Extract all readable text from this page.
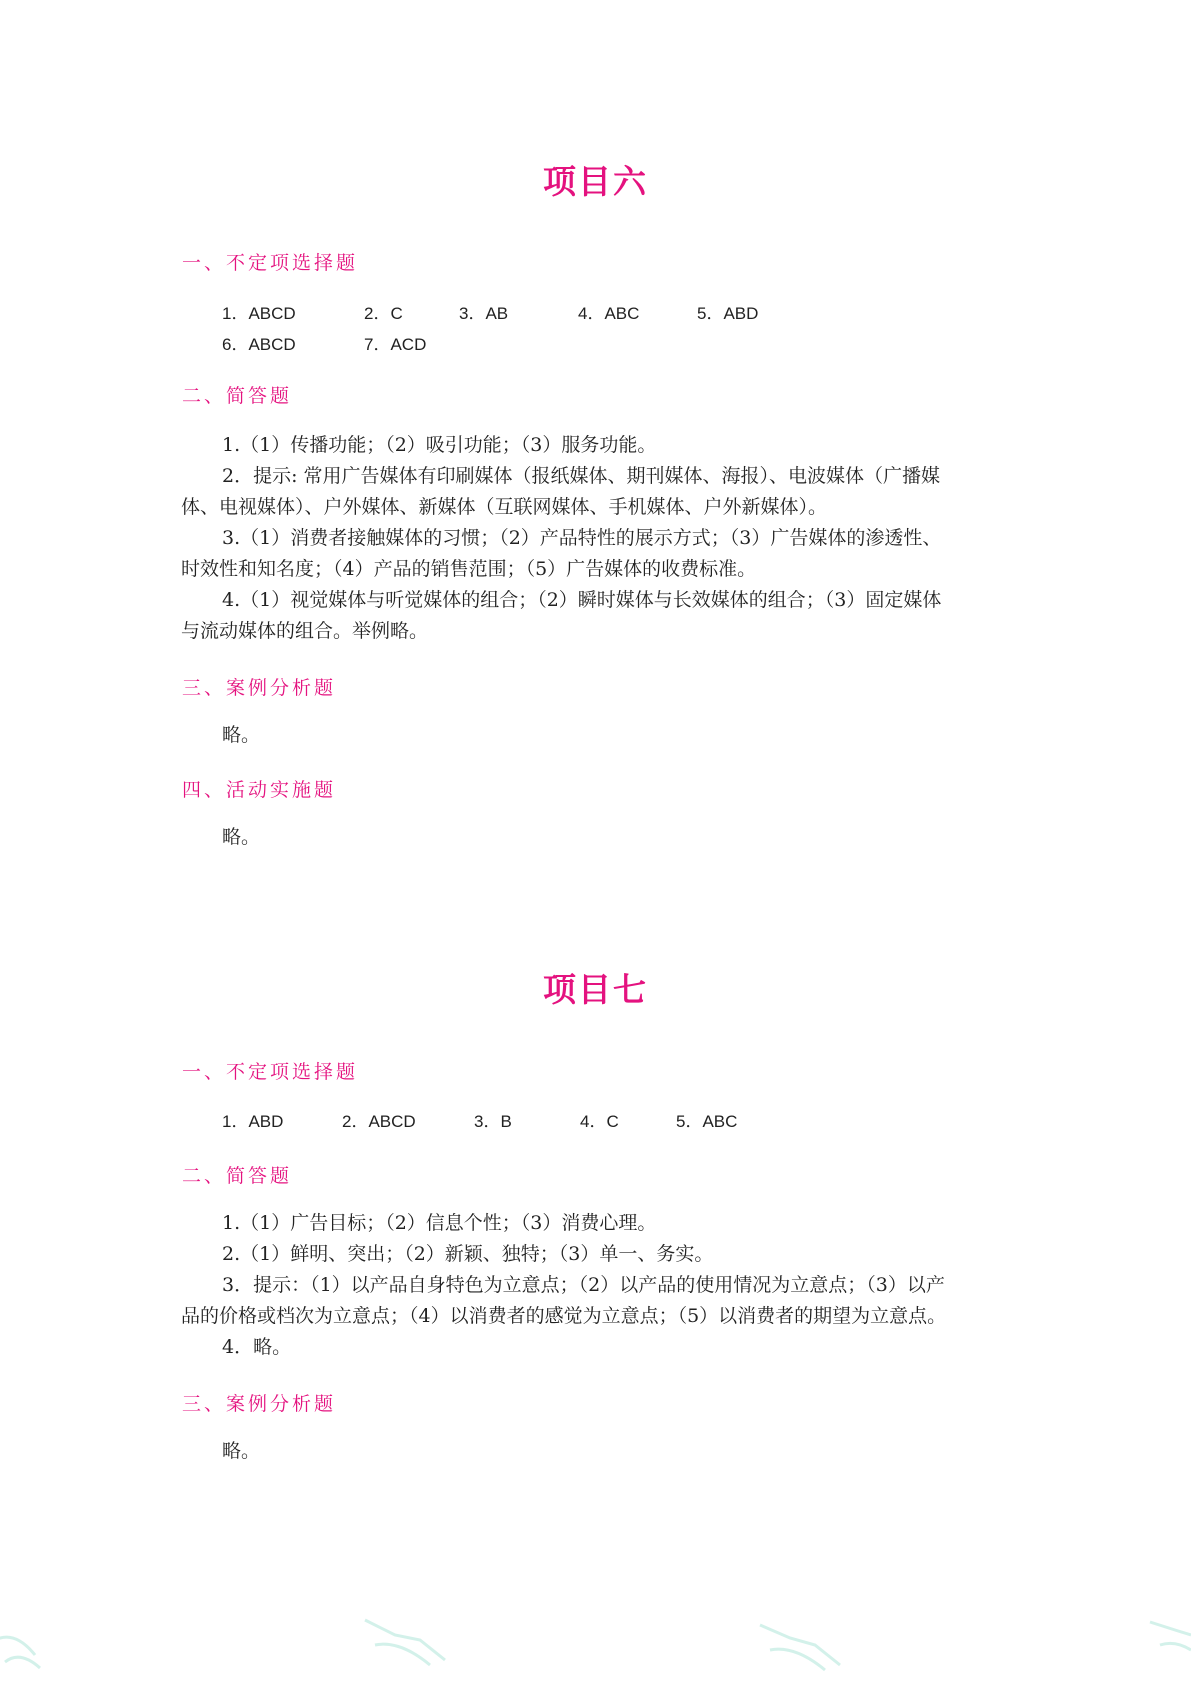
项目六
一、不定项选择题
1．ABCD	2．C	3．AB	4．ABC	5．ABD
6．ABCD	7．ACD
二、简答题
1.（1）传播功能；（2）吸引功能；（3）服务功能。
2．提示: 常用广告媒体有印刷媒体（报纸媒体、期刊媒体、海报）、电波媒体（广播媒
体、电视媒体）、户外媒体、新媒体（互联网媒体、手机媒体、户外新媒体）。
3.（1）消费者接触媒体的习惯；（2）产品特性的展示方式；（3）广告媒体的渗透性、
时效性和知名度；（4）产品的销售范围；（5）广告媒体的收费标准。
4.（1）视觉媒体与听觉媒体的组合；（2）瞬时媒体与长效媒体的组合；（3）固定媒体
与流动媒体的组合。举例略。
三、案例分析题
略。
四、活动实施题
略。
项目七
一、不定项选择题
1．ABD	2．ABCD	3．B	4．C	5．ABC
二、简答题
1.（1）广告目标；（2）信息个性；（3）消费心理。
2.（1）鲜明、突出；（2）新颖、独特；（3）单一、务实。
3．提示：（1）以产品自身特色为立意点；（2）以产品的使用情况为立意点；（3）以产
品的价格或档次为立意点；（4）以消费者的感觉为立意点；（5）以消费者的期望为立意点。
4．略。
三、案例分析题
略。
